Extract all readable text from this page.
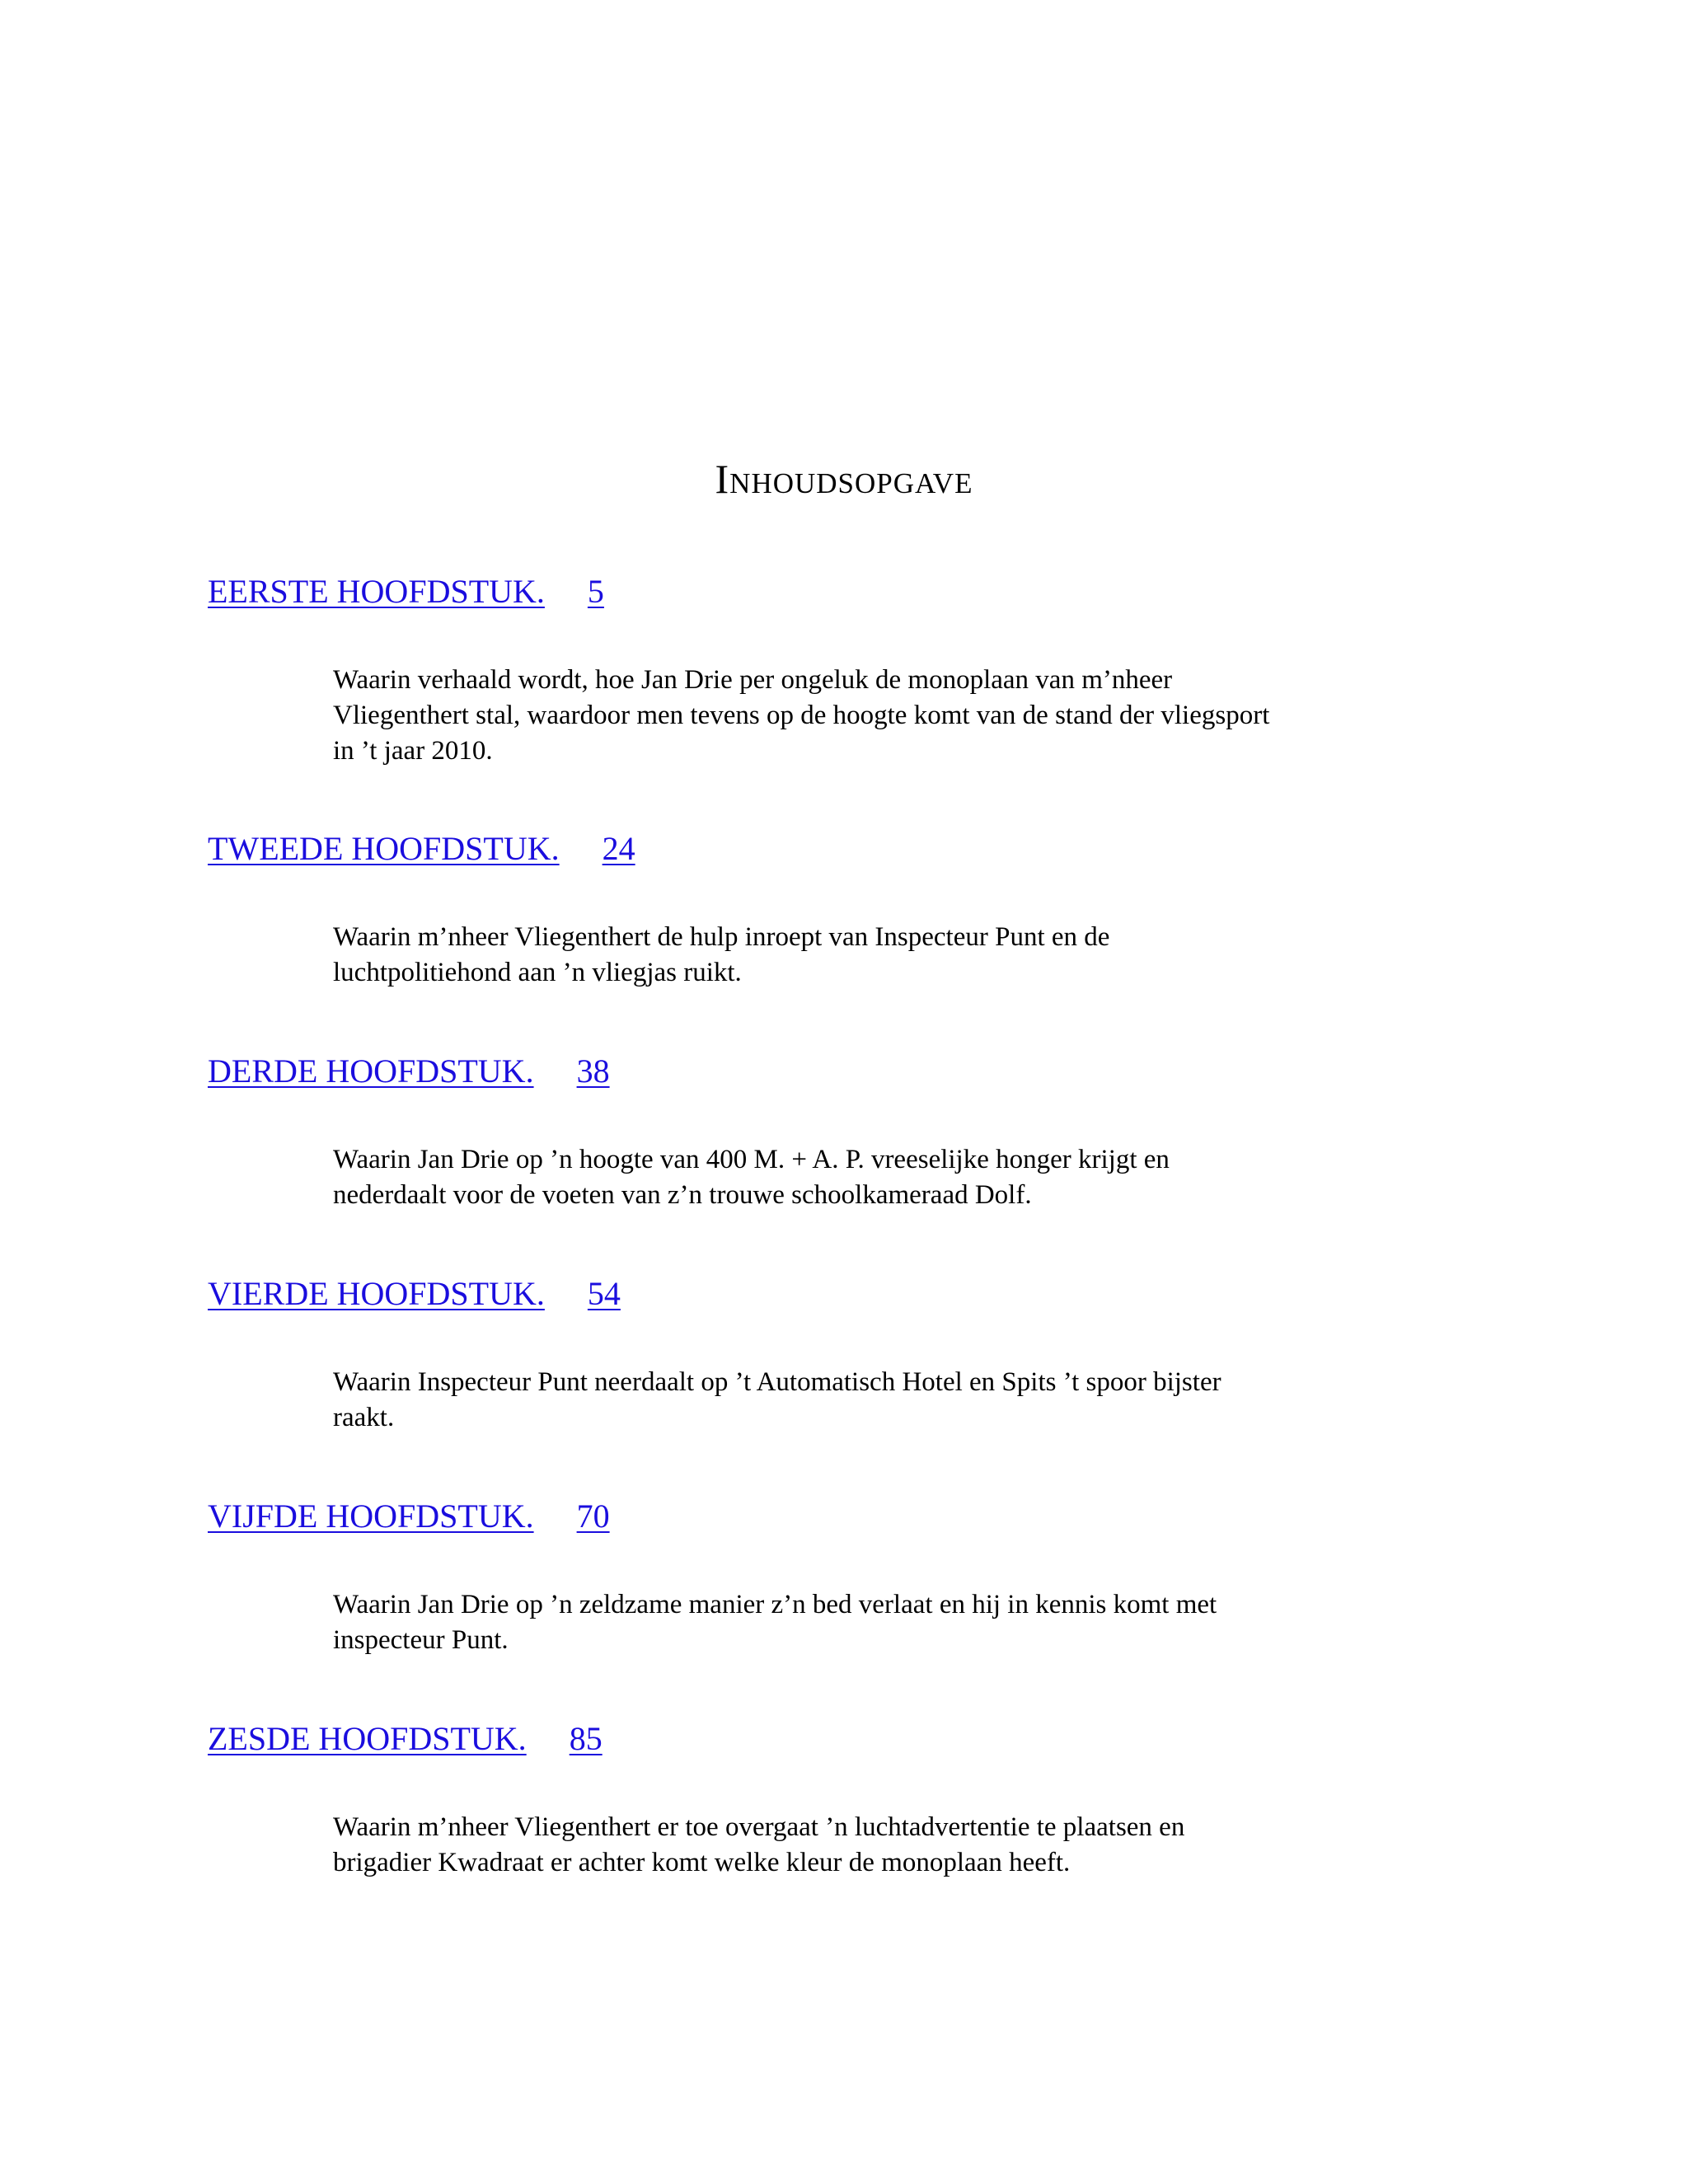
Inhoudsopgave
EERSTE HOOFDSTUK. 5
Waarin verhaald wordt, hoe Jan Drie per ongeluk de monoplaan van m’nheer Vliegenthert stal, waardoor men tevens op de hoogte komt van de stand der vliegsport in ’t jaar 2010.
TWEEDE HOOFDSTUK. 24
Waarin m’nheer Vliegenthert de hulp inroept van Inspecteur Punt en de luchtpolitiehond aan ’n vliegjas ruikt.
DERDE HOOFDSTUK. 38
Waarin Jan Drie op ’n hoogte van 400 M. + A. P. vreeselijke honger krijgt en nederdaalt voor de voeten van z’n trouwe schoolkameraad Dolf.
VIERDE HOOFDSTUK. 54
Waarin Inspecteur Punt neerdaalt op ’t Automatisch Hotel en Spits ’t spoor bijster raakt.
VIJFDE HOOFDSTUK. 70
Waarin Jan Drie op ’n zeldzame manier z’n bed verlaat en hij in kennis komt met inspecteur Punt.
ZESDE HOOFDSTUK. 85
Waarin m’nheer Vliegenthert er toe overgaat ’n luchtadvertentie te plaatsen en brigadier Kwadraat er achter komt welke kleur de monoplaan heeft.
